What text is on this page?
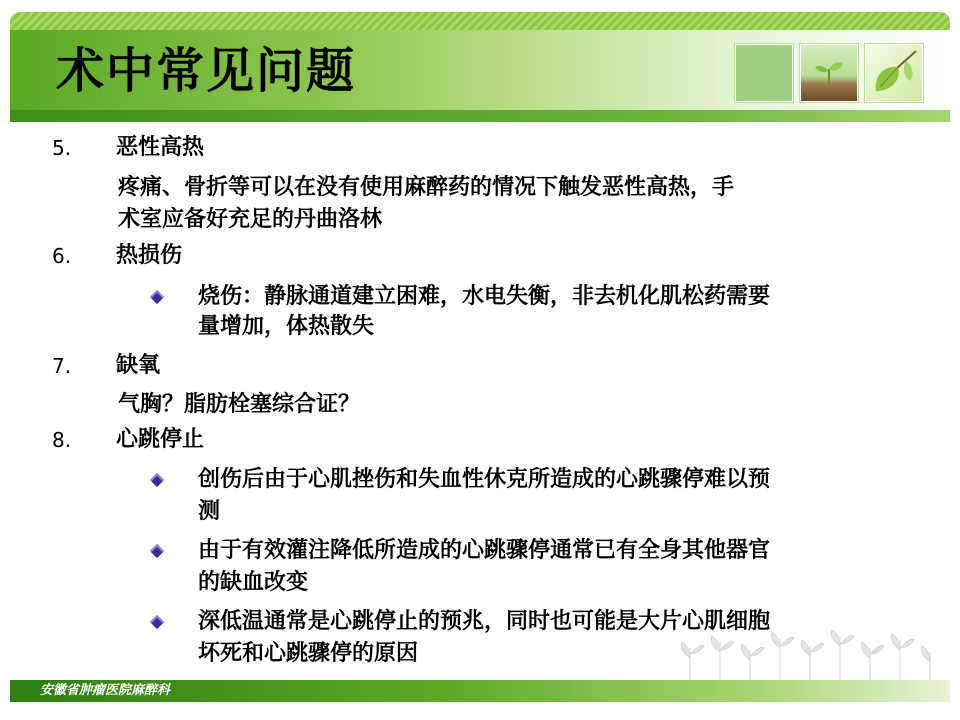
术中常见问题
5. 恶性高热
疼痛、骨折等可以在没有使用麻醉药的情况下触发恶性高热，手
术室应备好充足的丹曲洛林
6. 热损伤
烧伤：静脉通道建立困难，水电失衡，非去机化肌松药需要
量增加，体热散失
7. 缺氧
气胸？脂肪栓塞综合证？
8. 心跳停止
创伤后由于心肌挫伤和失血性休克所造成的心跳骤停难以预
测
由于有效灌注降低所造成的心跳骤停通常已有全身其他器官
的缺血改变
深低温通常是心跳停止的预兆，同时也可能是大片心肌细胞
坏死和心跳骤停的原因

安徽省肿瘤医院麻醉科
